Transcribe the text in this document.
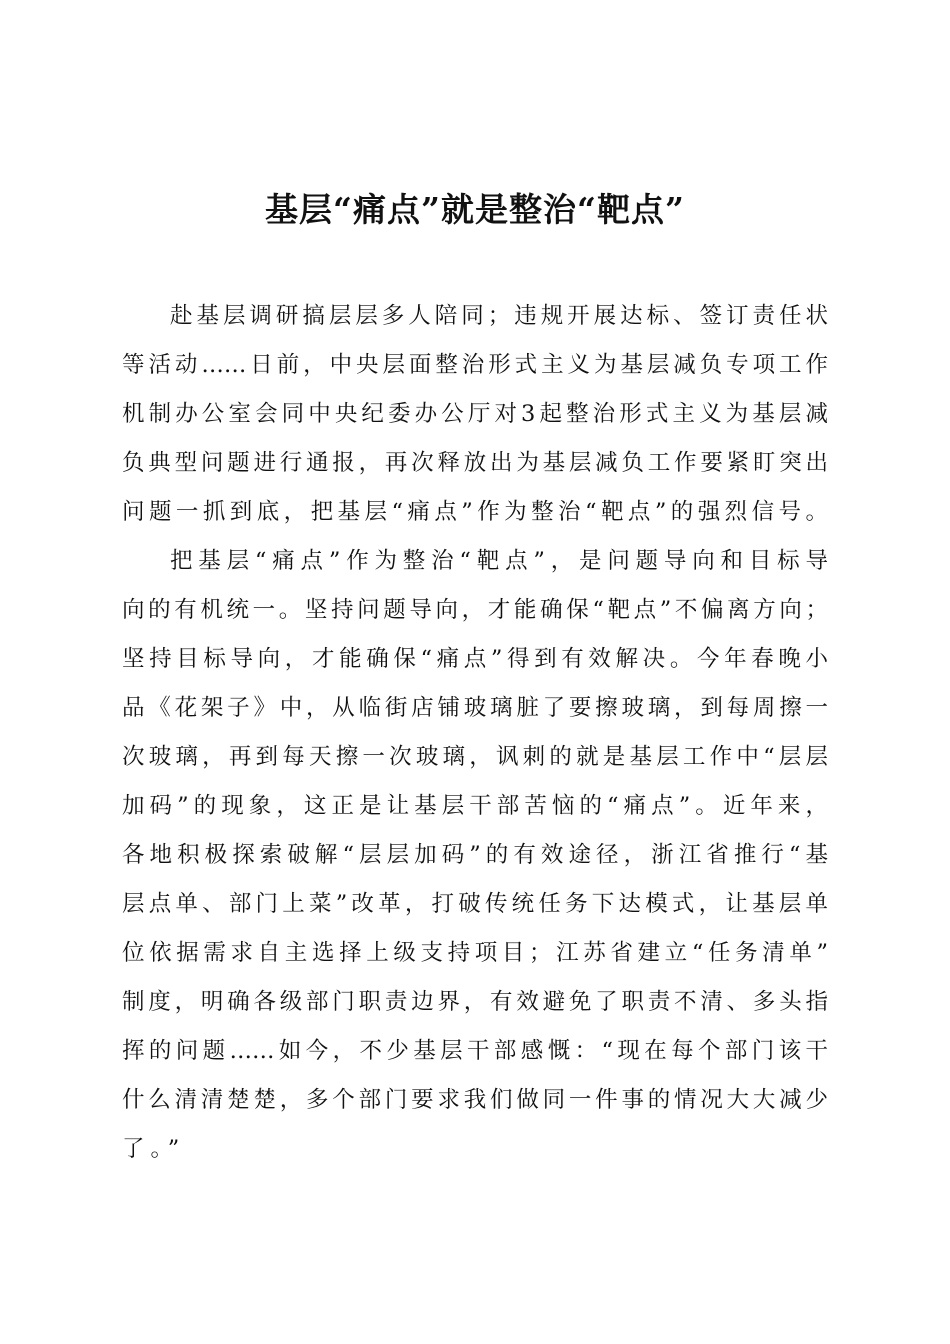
基层“痛点”就是整治“靶点”
赴基层调研搞层层多人陪同；违规开展达标、签订责任状
等活动……日前，中央层面整治形式主义为基层减负专项工作
机制办公室会同中央纪委办公厅对3起整治形式主义为基层减
负典型问题进行通报，再次释放出为基层减负工作要紧盯突出
问题一抓到底，把基层“痛点”作为整治“靶点”的强烈信号。
把基层“痛点”作为整治“靶点”，是问题导向和目标导
向的有机统一。坚持问题导向，才能确保“靶点”不偏离方向；
坚持目标导向，才能确保“痛点”得到有效解决。今年春晚小
品《花架子》中，从临街店铺玻璃脏了要擦玻璃，到每周擦一
次玻璃，再到每天擦一次玻璃，讽刺的就是基层工作中“层层
加码”的现象，这正是让基层干部苦恼的“痛点”。近年来，
各地积极探索破解“层层加码”的有效途径，浙江省推行“基
层点单、部门上菜”改革，打破传统任务下达模式，让基层单
位依据需求自主选择上级支持项目；江苏省建立“任务清单”
制度，明确各级部门职责边界，有效避免了职责不清、多头指
挥的问题……如今，不少基层干部感慨：“现在每个部门该干
什么清清楚楚，多个部门要求我们做同一件事的情况大大减少
了。”
